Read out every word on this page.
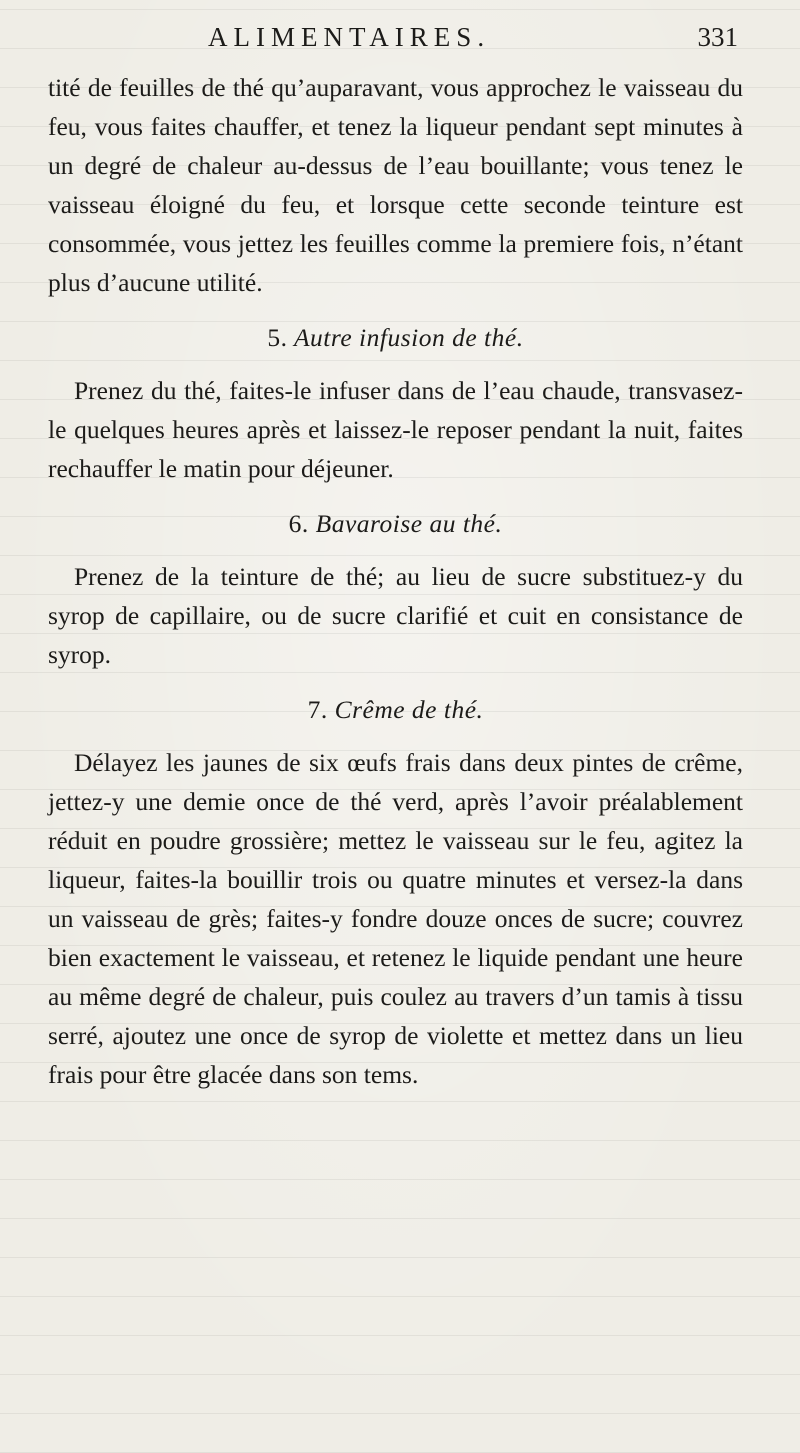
ALIMENTAIRES.	331

tité de feuilles de thé qu’auparavant, vous approchez le vaisseau du feu, vous faites chauffer, et tenez la liqueur pendant sept minutes à un degré de chaleur au-dessus de l’eau bouillante; vous tenez le vaisseau éloigné du feu, et lorsque cette seconde teinture est consommée, vous jettez les feuilles comme la premiere fois, n’étant plus d’aucune utilité.

5. Autre infusion de thé.

Prenez du thé, faites-le infuser dans de l’eau chaude, transvasez-le quelques heures après et laissez-le reposer pendant la nuit, faites rechauffer le matin pour déjeuner.

6. Bavaroise au thé.

Prenez de la teinture de thé; au lieu de sucre substituez-y du syrop de capillaire, ou de sucre clarifié et cuit en consistance de syrop.

7. Crême de thé.

Délayez les jaunes de six œufs frais dans deux pintes de crême, jettez-y une demie once de thé verd, après l’avoir préalablement réduit en poudre grossière; mettez le vaisseau sur le feu, agitez la liqueur, faites-la bouillir trois ou quatre minutes et versez-la dans un vaisseau de grès; faites-y fondre douze onces de sucre; couvrez bien exactement le vaisseau, et retenez le liquide pendant une heure au même degré de chaleur, puis coulez au travers d’un tamis à tissu serré, ajoutez une once de syrop de violette et mettez dans un lieu frais pour être glacée dans son tems.
